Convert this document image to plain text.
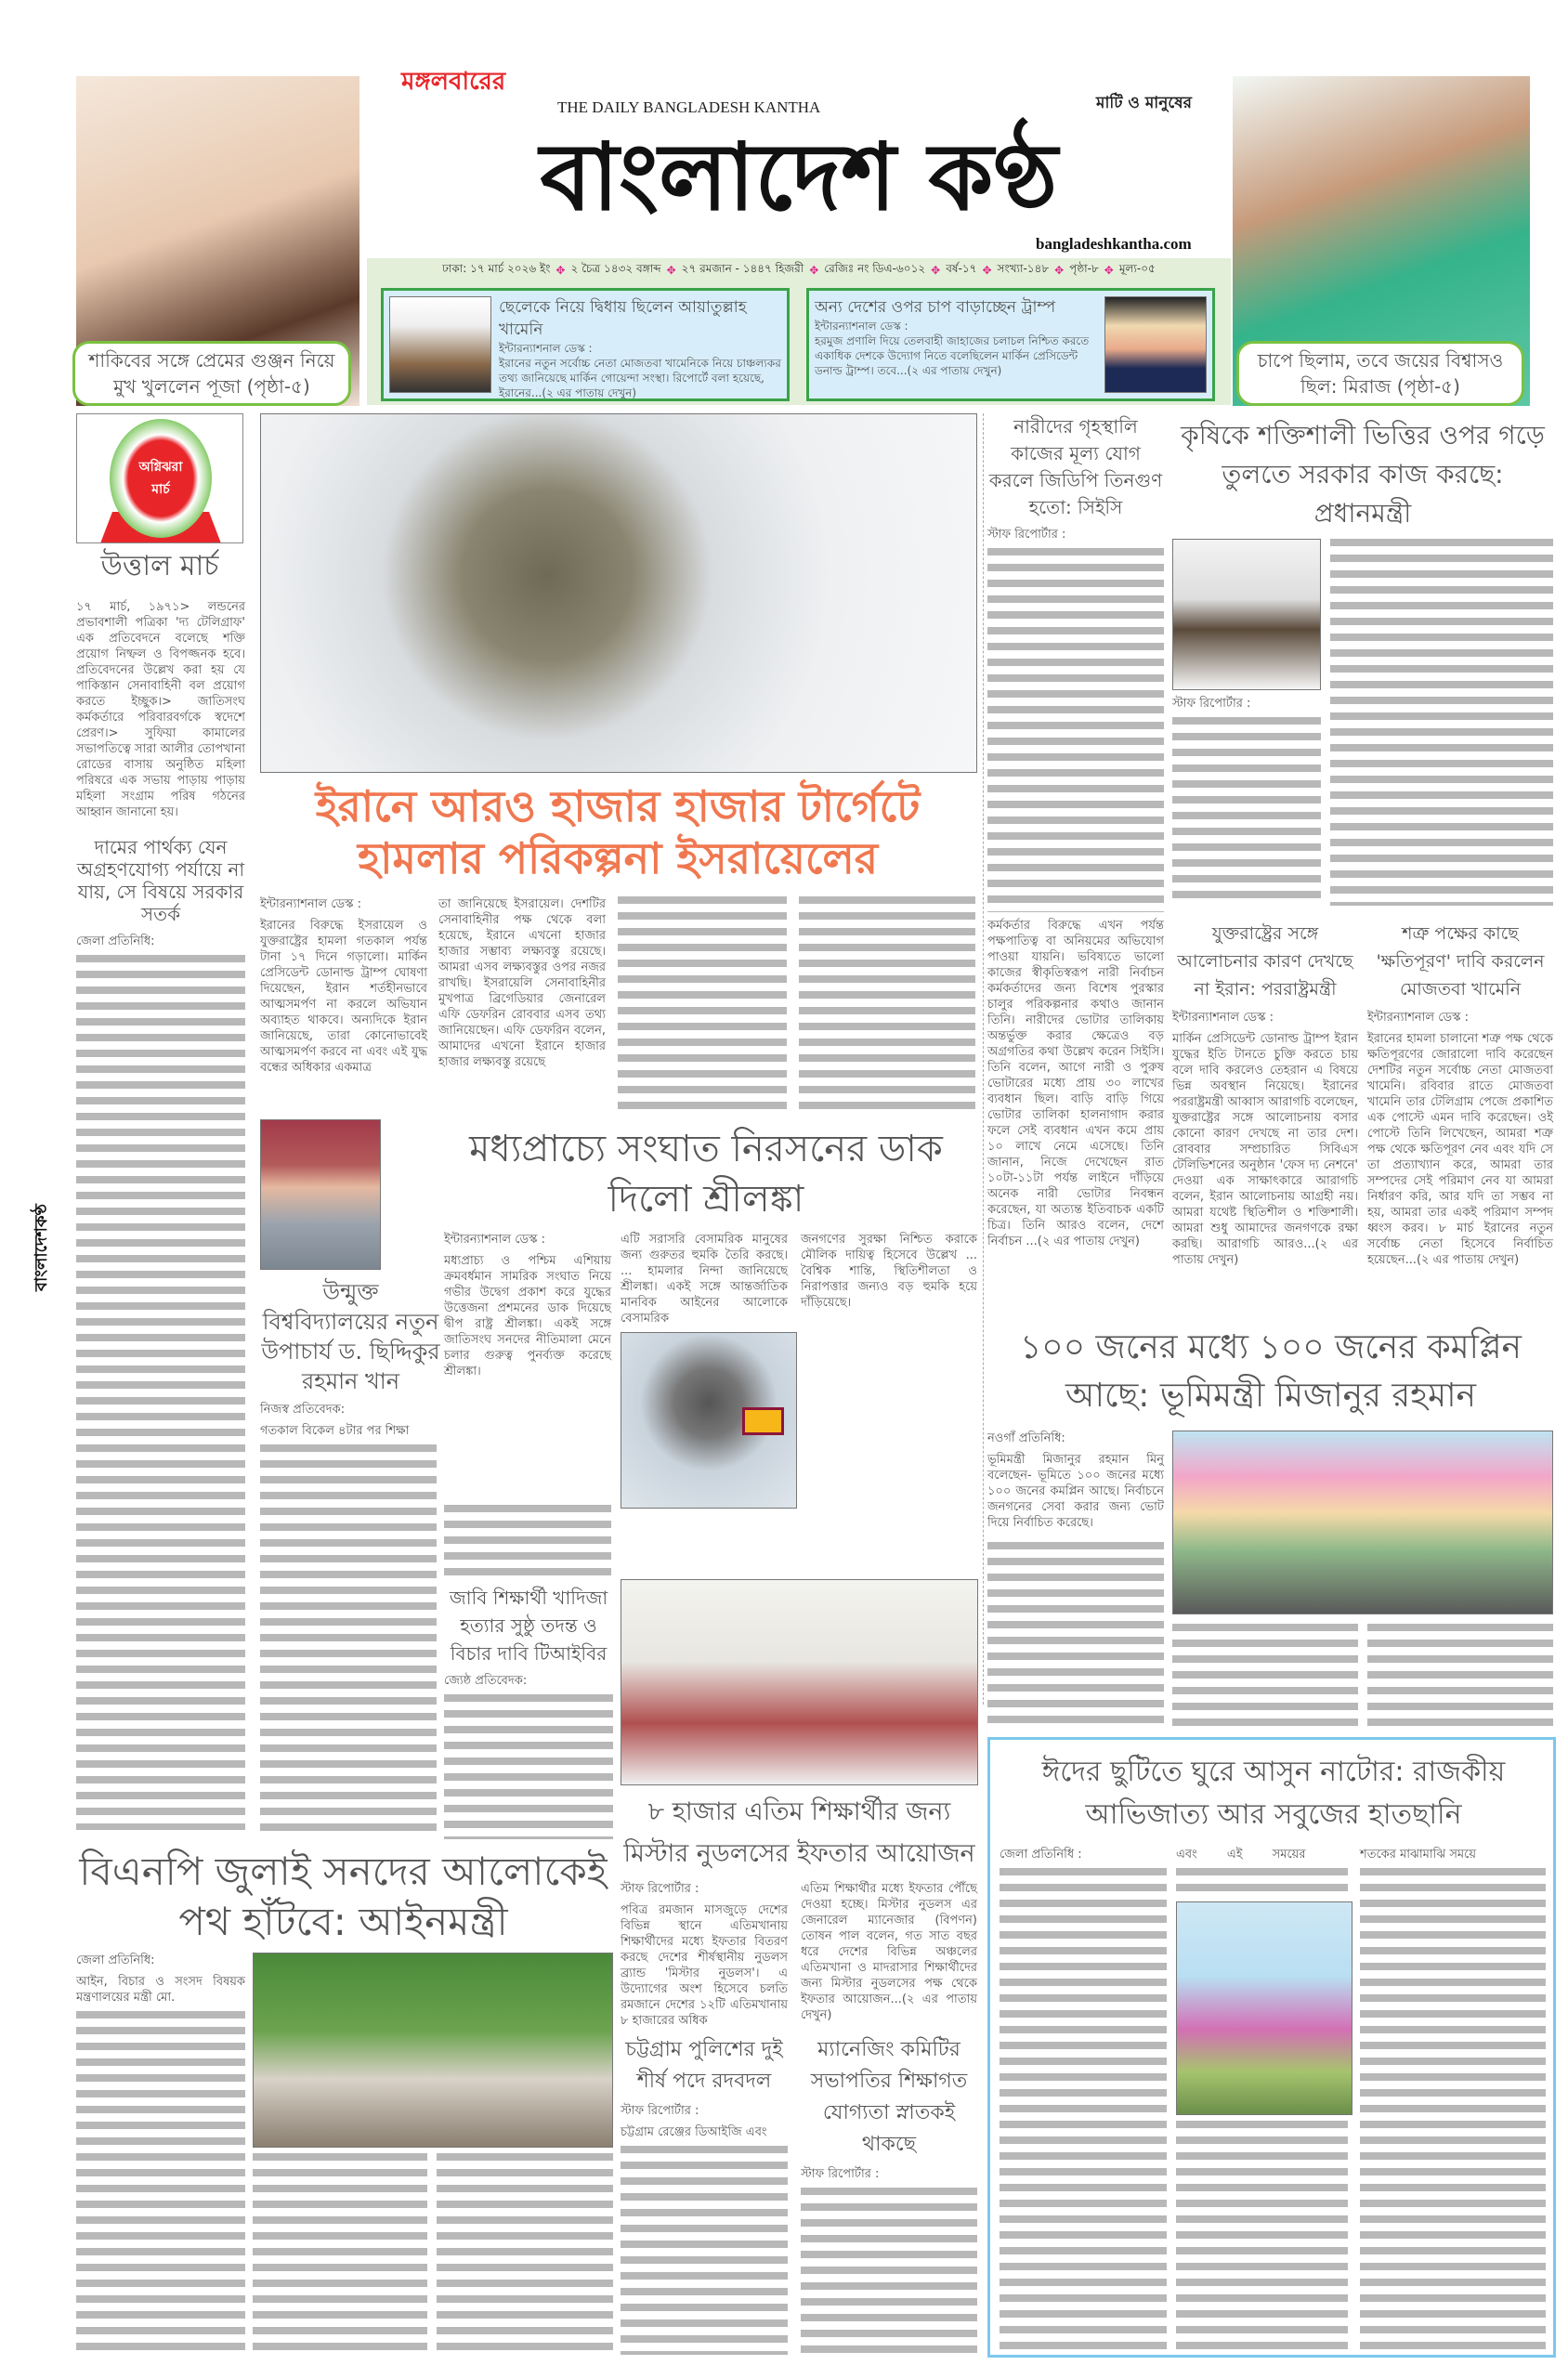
শাকিবের সঙ্গে প্রেমের গুঞ্জন নিয়ে মুখ খুললেন পূজা (পৃষ্ঠা-৫)
চাপে ছিলাম, তবে জয়ের বিশ্বাসও ছিল: মিরাজ (পৃষ্ঠা-৫)
মঙ্গলবারের
THE DAILY BANGLADESH KANTHA	মাটি ও মানুষের
বাংলাদেশ কণ্ঠ
bangladeshkantha.com
ঢাকা: ১৭ মার্চ ২০২৬ ইং ✥ ২ চৈত্র ১৪৩২ বঙ্গাব্দ ✥ ২৭ রমজান - ১৪৪৭ হিজরী ✥ রেজিঃ নং ডিএ-৬০১২ ✥ বর্ষ-১৭ ✥ সংখ্যা-১৪৮ ✥ পৃষ্ঠা-৮ ✥ মূল্য-০৫
ছেলেকে নিয়ে দ্বিধায় ছিলেন আয়াতুল্লাহ খামেনি
ইন্টারন্যাশনাল ডেস্ক :
ইরানের নতুন সর্বোচ্চ নেতা মোজতবা খামেনিকে নিয়ে চাঞ্চল্যকর তথ্য জানিয়েছে মার্কিন গোয়েন্দা সংস্থা। রিপোর্টে বলা হয়েছে, ইরানের...(২ এর পাতায় দেখুন)
অন্য দেশের ওপর চাপ বাড়াচ্ছেন ট্রাম্প
ইন্টারন্যাশনাল ডেস্ক :
হরমুজ প্রণালি দিয়ে তেলবাহী জাহাজের চলাচল নিশ্চিত করতে একাধিক দেশকে উদ্যোগ নিতে বলেছিলেন মার্কিন প্রেসিডেন্ট ডনাল্ড ট্রাম্প। তবে...(২ এর পাতায় দেখুন)
অগ্নিঝরা মার্চ
উত্তাল মার্চ
১৭ মার্চ, ১৯৭১> লন্ডনের প্রভাবশালী পত্রিকা 'দ্য টেলিগ্রাফ' এক প্রতিবেদনে বলেছে শক্তি প্রয়োগ নিষ্ফল ও বিপজ্জনক হবে। প্রতিবেদনের উল্লেখ করা হয় যে পাকিস্তান সেনাবাহিনী বল প্রয়োগ করতে ইচ্ছুক।> জাতিসংঘ কর্মকর্তারে পরিবারবর্গকে স্বদেশে প্রেরণ।> সুফিয়া কামালের সভাপতিত্বে সারা আলীর তোপখানা রোডের বাসায় অনুষ্ঠিত মহিলা পরিষরে এক সভায় পাড়ায় পাড়ায় মহিলা সংগ্রাম পরিষ গঠনের আহ্বান জানানো হয়।
দামের পার্থক্য যেন অগ্রহণযোগ্য পর্যায়ে না যায়, সে বিষয়ে সরকার সতর্ক
জেলা প্রতিনিধি:
বাংলাদেশকণ্ঠ
ইরানে আরও হাজার হাজার টার্গেটে হামলার পরিকল্পনা ইসরায়েলের
ইন্টারন্যাশনাল ডেস্ক :
ইরানের বিরুদ্ধে ইসরায়েল ও যুক্তরাষ্ট্রের হামলা গতকাল পর্যন্ত টানা ১৭ দিনে গড়ালো। মার্কিন প্রেসিডেন্ট ডোনাল্ড ট্রাম্প ঘোষণা দিয়েছেন, ইরান শর্তহীনভাবে আত্মসমর্পণ না করলে অভিযান অব্যাহত থাকবে। অন্যদিকে ইরান জানিয়েছে, তারা কোনোভাবেই আত্মসমর্পণ করবে না এবং এই যুদ্ধ বন্ধের অধিকার একমাত্র
তা জানিয়েছে ইসরায়েল। দেশটির সেনাবাহিনীর পক্ষ থেকে বলা হয়েছে, ইরানে এখনো হাজার হাজার সম্ভাব্য লক্ষ্যবস্তু রয়েছে। আমরা এসব লক্ষ্যবস্তুর ওপর নজর রাখছি। ইসরায়েলি সেনাবাহিনীর মুখপাত্র ব্রিগেডিয়ার জেনারেল এফি ডেফরিন রোববার এসব তথ্য জানিয়েছেন। এফি ডেফরিন বলেন, আমাদের এখনো ইরানে হাজার হাজার লক্ষ্যবস্তু রয়েছে
মধ্যপ্রাচ্যে সংঘাত নিরসনের ডাক দিলো শ্রীলঙ্কা
ইন্টারন্যাশনাল ডেস্ক :
মধ্যপ্রাচ্য ও পশ্চিম এশিয়ায় ক্রমবর্ধমান সামরিক সংঘাত নিয়ে গভীর উদ্বেগ প্রকাশ করে যুদ্ধের উত্তেজনা প্রশমনের ডাক দিয়েছে দ্বীপ রাষ্ট্র শ্রীলঙ্কা। একই সঙ্গে জাতিসংঘ সনদের নীতিমালা মেনে চলার গুরুত্ব পুনর্ব্যক্ত করেছে শ্রীলঙ্কা।
এটি সরাসরি বেসামরিক মানুষের জন্য গুরুতর হুমকি তৈরি করছে। ... হামলার নিন্দা জানিয়েছে শ্রীলঙ্কা। একই সঙ্গে আন্তর্জাতিক মানবিক আইনের আলোকে বেসামরিক
জনগণের সুরক্ষা নিশ্চিত করাকে মৌলিক দায়িত্ব হিসেবে উল্লেখ ... বৈশ্বিক শান্তি, স্থিতিশীলতা ও নিরাপত্তার জন্যও বড় হুমকি হয়ে দাঁড়িয়েছে।
উন্মুক্ত বিশ্ববিদ্যালয়ের নতুন উপাচার্য ড. ছিদ্দিকুর রহমান খান
নিজস্ব প্রতিবেদক:
গতকাল বিকেল ৪টার পর শিক্ষা
জাবি শিক্ষার্থী খাদিজা হত্যার সুষ্ঠু তদন্ত ও বিচার দাবি টিআইবির
জ্যেষ্ঠ প্রতিবেদক:
৮ হাজার এতিম শিক্ষার্থীর জন্য মিস্টার নুডলসের ইফতার আয়োজন
স্টাফ রিপোর্টার :
পবিত্র রমজান মাসজুড়ে দেশের বিভিন্ন স্থানে এতিমখানায় শিক্ষার্থীদের মধ্যে ইফতার বিতরণ করছে দেশের শীর্ষস্থানীয় নুডলস ব্র্যান্ড 'মিস্টার নুডলস'। এ উদ্যোগের অংশ হিসেবে চলতি রমজানে দেশের ১২টি এতিমখানায় ৮ হাজারের অধিক
এতিম শিক্ষার্থীর মধ্যে ইফতার পৌঁছে দেওয়া হচ্ছে। মিস্টার নুডলস এর জেনারেল ম্যানেজার (বিপণন) তোষন পাল বলেন, গত সাত বছর ধরে দেশের বিভিন্ন অঞ্চলের এতিমখানা ও মাদরাসার শিক্ষার্থীদের জন্য মিস্টার নুডলসের পক্ষ থেকে ইফতার আয়োজন...(২ এর পাতায় দেখুন)
চট্টগ্রাম পুলিশের দুই শীর্ষ পদে রদবদল
স্টাফ রিপোর্টার :
চট্টগ্রাম রেঞ্জের ডিআইজি এবং
ম্যানেজিং কমিটির সভাপতির শিক্ষাগত যোগ্যতা স্নাতকই থাকছে
স্টাফ রিপোর্টার :
বিএনপি জুলাই সনদের আলোকেই পথ হাঁটবে: আইনমন্ত্রী
জেলা প্রতিনিধি:
আইন, বিচার ও সংসদ বিষয়ক মন্ত্রণালয়ের মন্ত্রী মো.
নারীদের গৃহস্থালি কাজের মূল্য যোগ করলে জিডিপি তিনগুণ হতো: সিইসি
স্টাফ রিপোর্টার :
কর্মকর্তার বিরুদ্ধে এখন পর্যন্ত পক্ষপাতিত্ব বা অনিয়মের অভিযোগ পাওয়া যায়নি। ভবিষ্যতে ভালো কাজের স্বীকৃতিস্বরূপ নারী নির্বাচন কর্মকর্তাদের জন্য বিশেষ পুরস্কার চালুর পরিকল্পনার কথাও জানান তিনি। নারীদের ভোটার তালিকায় অন্তর্ভুক্ত করার ক্ষেত্রেও বড় অগ্রগতির কথা উল্লেখ করেন সিইসি। তিনি বলেন, আগে নারী ও পুরুষ ভোটারের মধ্যে প্রায় ৩০ লাখের ব্যবধান ছিল। বাড়ি বাড়ি গিয়ে ভোটার তালিকা হালনাগাদ করার ফলে সেই ব্যবধান এখন কমে প্রায় ১০ লাখে নেমে এসেছে। তিনি জানান, নিজে দেখেছেন রাত ১০টা-১১টা পর্যন্ত লাইনে দাঁড়িয়ে অনেক নারী ভোটার নিবন্ধন করেছেন, যা অত্যন্ত ইতিবাচক একটি চিত্র। তিনি আরও বলেন, দেশে নির্বাচন ...(২ এর পাতায় দেখুন)
কৃষিকে শক্তিশালী ভিত্তির ওপর গড়ে তুলতে সরকার কাজ করছে: প্রধানমন্ত্রী
স্টাফ রিপোর্টার :
যুক্তরাষ্ট্রের সঙ্গে আলোচনার কারণ দেখছে না ইরান: পররাষ্ট্রমন্ত্রী
ইন্টারন্যাশনাল ডেস্ক :
মার্কিন প্রেসিডেন্ট ডোনাল্ড ট্রাম্প ইরান যুদ্ধের ইতি টানতে চুক্তি করতে চায় বলে দাবি করলেও তেহরান এ বিষয়ে ভিন্ন অবস্থান নিয়েছে। ইরানের পররাষ্ট্রমন্ত্রী আব্বাস আরাগচি বলেছেন, যুক্তরাষ্ট্রের সঙ্গে আলোচনায় বসার কোনো কারণ দেখছে না তার দেশ। রোববার সম্প্রচারিত সিবিএস টেলিভিশনের অনুষ্ঠান 'ফেস দ্য নেশনে' দেওয়া এক সাক্ষাৎকারে আরাগচি বলেন, ইরান আলোচনায় আগ্রহী নয়। আমরা যথেষ্ট স্থিতিশীল ও শক্তিশালী। আমরা শুধু আমাদের জনগণকে রক্ষা করছি। আরাগচি আরও...(২ এর পাতায় দেখুন)
শত্রু পক্ষের কাছে 'ক্ষতিপূরণ' দাবি করলেন মোজতবা খামেনি
ইন্টারন্যাশনাল ডেস্ক :
ইরানের হামলা চালানো শত্রু পক্ষ থেকে ক্ষতিপূরণের জোরালো দাবি করেছেন দেশটির নতুন সর্বোচ্চ নেতা মোজতবা খামেনি। রবিবার রাতে মোজতবা খামেনি তার টেলিগ্রাম পেজে প্রকাশিত এক পোস্টে এমন দাবি করেছেন। ওই পোস্টে তিনি লিখেছেন, আমরা শত্রু পক্ষ থেকে ক্ষতিপূরণ নেব এবং যদি সে তা প্রত্যাখ্যান করে, আমরা তার সম্পদের সেই পরিমাণ নেব যা আমরা নির্ধারণ করি, আর যদি তা সম্ভব না হয়, আমরা তার একই পরিমাণ সম্পদ ধ্বংস করব। ৮ মার্চ ইরানের নতুন সর্বোচ্চ নেতা হিসেবে নির্বাচিত হয়েছেন...(২ এর পাতায় দেখুন)
১০০ জনের মধ্যে ১০০ জনের কমপ্লিন আছে: ভূমিমন্ত্রী মিজানুর রহমান
নওগাঁ প্রতিনিধি:
ভূমিমন্ত্রী মিজানুর রহমান মিনু বলেছেন- ভূমিতে ১০০ জনের মধ্যে ১০০ জনের কমপ্লিন আছে। নির্বাচনে জনগনের সেবা করার জন্য ভোট দিয়ে নির্বাচিত করেছে।
ঈদের ছুটিতে ঘুরে আসুন নাটোর: রাজকীয় আভিজাত্য আর সবুজের হাতছানি
জেলা প্রতিনিধি :	এবং এই সময়ের	শতকের মাঝামাঝি সময়ে
